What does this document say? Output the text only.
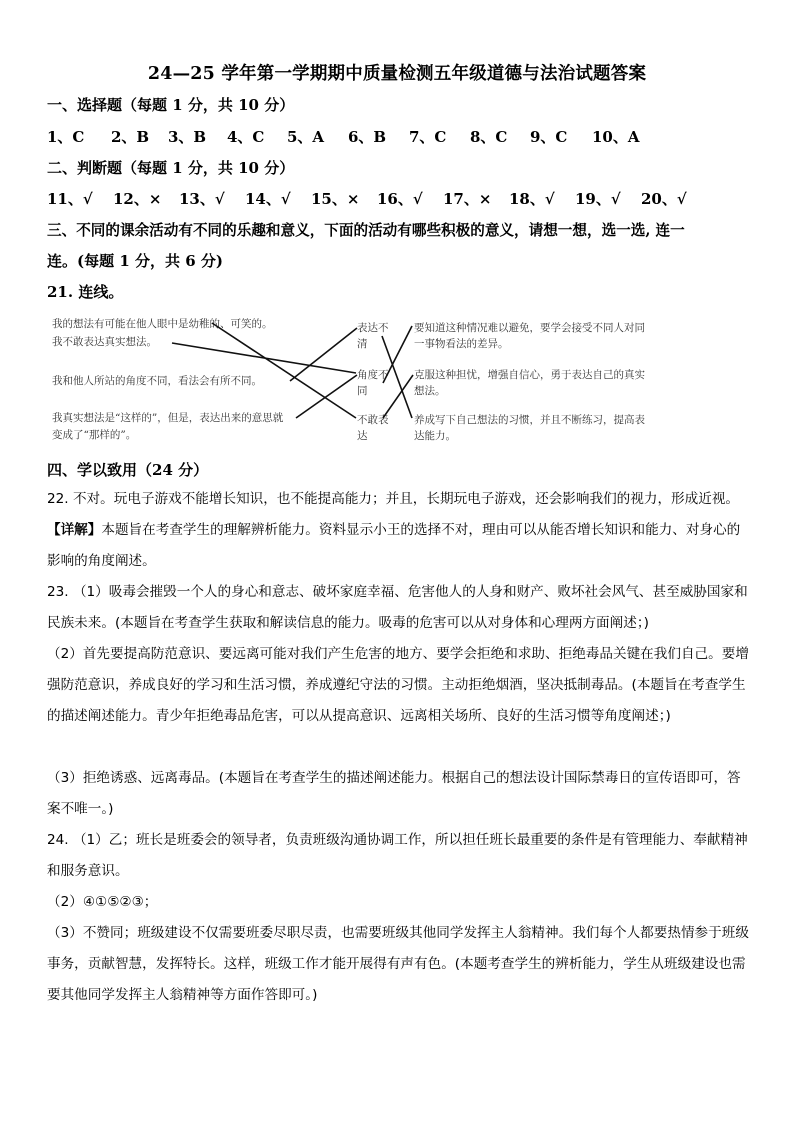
24—25 学年第一学期期中质量检测五年级道德与法治试题答案
一、选择题（每题 1 分，共 10 分）
1、C 2、B 3、B 4、C 5、A 6、B 7、C 8、C 9、C 10、A
二、判断题（每题 1 分，共 10 分）
11、√ 12、× 13、√ 14、√ 15、× 16、√ 17、× 18、√ 19、√ 20、√
三、不同的课余活动有不同的乐趣和意义，下面的活动有哪些积极的意义，请想一想，选一选, 连一
连。(每题 1 分，共 6 分)
21. 连线。
我的想法有可能在他人眼中是幼稚的、可笑的。
我不敢表达真实想法。
我和他人所站的角度不同，看法会有所不同。
我真实想法是“这样的”，但是，表达出来的意思就
变成了“那样的”。
表达不
清
角度不
同
不敢表
达
要知道这种情况难以避免，要学会接受不同人对同
一事物看法的差异。
克服这种担忧，增强自信心，勇于表达自己的真实
想法。
养成写下自己想法的习惯，并且不断练习，提高表
达能力。
四、学以致用（24 分）
22. 不对。玩电子游戏不能增长知识，也不能提高能力；并且，长期玩电子游戏，还会影响我们的视力，形成近视。
【详解】本题旨在考查学生的理解辨析能力。资料显示小王的选择不对，理由可以从能否增长知识和能力、对身心的影响的角度阐述。
23. （1）吸毒会摧毁一个人的身心和意志、破坏家庭幸福、危害他人的人身和财产、败坏社会风气、甚至威胁国家和民族未来。(本题旨在考查学生获取和解读信息的能力。吸毒的危害可以从对身体和心理两方面阐述；)
（2）首先要提高防范意识、要远离可能对我们产生危害的地方、要学会拒绝和求助、拒绝毒品关键在我们自己。要增强防范意识，养成良好的学习和生活习惯，养成遵纪守法的习惯。主动拒绝烟酒，坚决抵制毒品。(本题旨在考查学生的描述阐述能力。青少年拒绝毒品危害，可以从提高意识、远离相关场所、良好的生活习惯等角度阐述；)
（3）拒绝诱惑、远离毒品。(本题旨在考查学生的描述阐述能力。根据自己的想法设计国际禁毒日的宣传语即可，答案不唯一。)
24. （1）乙；班长是班委会的领导者，负责班级沟通协调工作，所以担任班长最重要的条件是有管理能力、奉献精神和服务意识。
（2）④①⑤②③；
（3）不赞同；班级建设不仅需要班委尽职尽责，也需要班级其他同学发挥主人翁精神。我们每个人都要热情参于班级事务，贡献智慧，发挥特长。这样，班级工作才能开展得有声有色。(本题考查学生的辨析能力，学生从班级建设也需要其他同学发挥主人翁精神等方面作答即可。)
